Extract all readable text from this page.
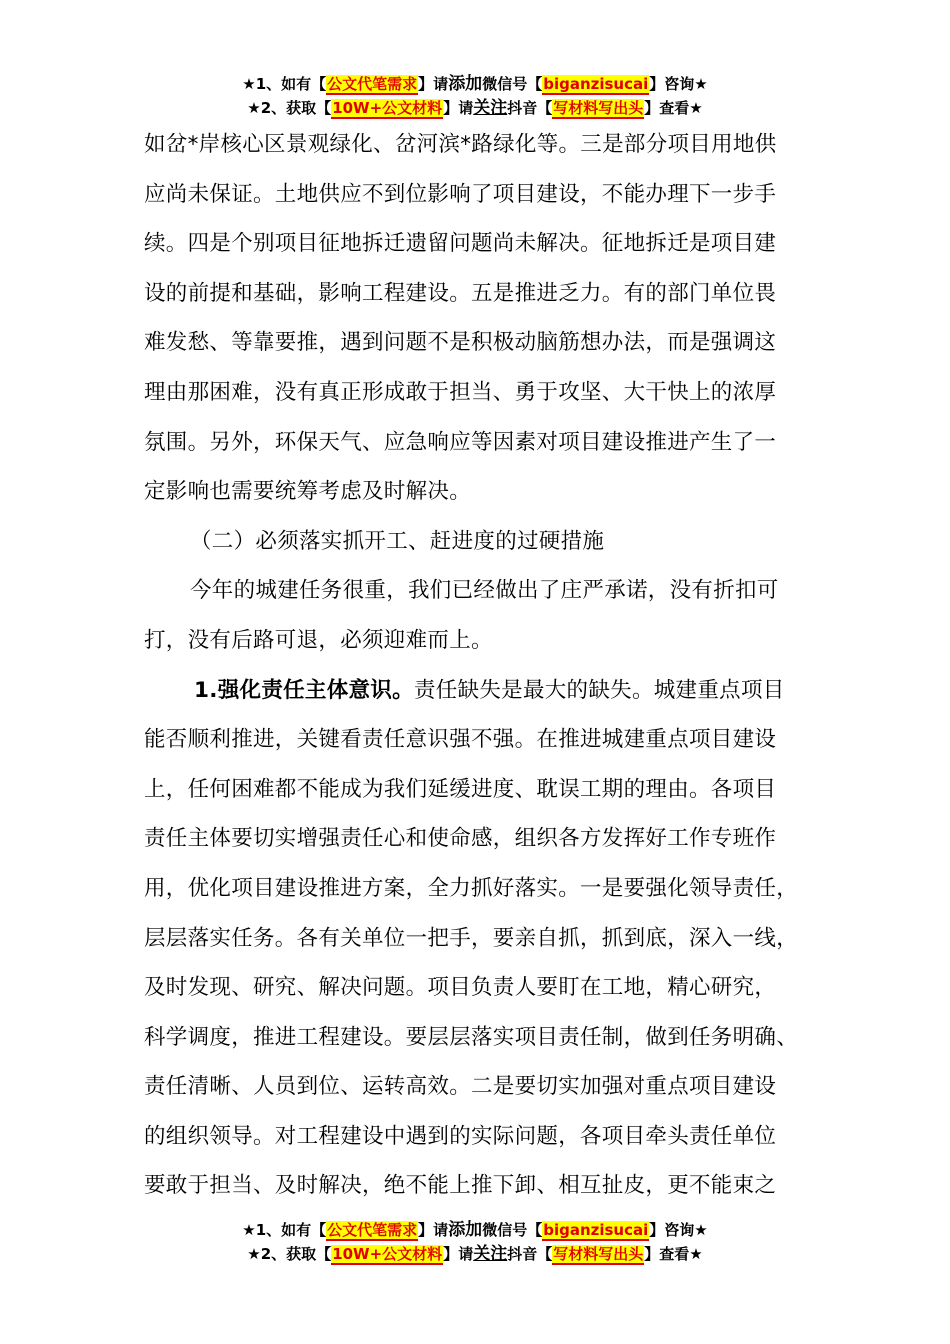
★1、如有【公文代笔需求】请添加微信号【biganzisucai】咨询★
★2、获取【10W+公文材料】请关注抖音【写材料写出头】查看★
如岔*岸核心区景观绿化、岔河滨*路绿化等。三是部分项目用地供
应尚未保证。土地供应不到位影响了项目建设，不能办理下一步手
续。四是个别项目征地拆迁遗留问题尚未解决。征地拆迁是项目建
设的前提和基础，影响工程建设。五是推进乏力。有的部门单位畏
难发愁、等靠要推，遇到问题不是积极动脑筋想办法，而是强调这
理由那困难，没有真正形成敢于担当、勇于攻坚、大干快上的浓厚
氛围。另外，环保天气、应急响应等因素对项目建设推进产生了一
定影响也需要统筹考虑及时解决。
（二）必须落实抓开工、赶进度的过硬措施
今年的城建任务很重，我们已经做出了庄严承诺，没有折扣可
打，没有后路可退，必须迎难而上。
1.强化责任主体意识。责任缺失是最大的缺失。城建重点项目
能否顺利推进，关键看责任意识强不强。在推进城建重点项目建设
上，任何困难都不能成为我们延缓进度、耽误工期的理由。各项目
责任主体要切实增强责任心和使命感，组织各方发挥好工作专班作
用，优化项目建设推进方案，全力抓好落实。一是要强化领导责任，
层层落实任务。各有关单位一把手，要亲自抓，抓到底，深入一线，
及时发现、研究、解决问题。项目负责人要盯在工地，精心研究，
科学调度，推进工程建设。要层层落实项目责任制，做到任务明确、
责任清晰、人员到位、运转高效。二是要切实加强对重点项目建设
的组织领导。对工程建设中遇到的实际问题，各项目牵头责任单位
要敢于担当、及时解决，绝不能上推下卸、相互扯皮，更不能束之
★1、如有【公文代笔需求】请添加微信号【biganzisucai】咨询★
★2、获取【10W+公文材料】请关注抖音【写材料写出头】查看★
